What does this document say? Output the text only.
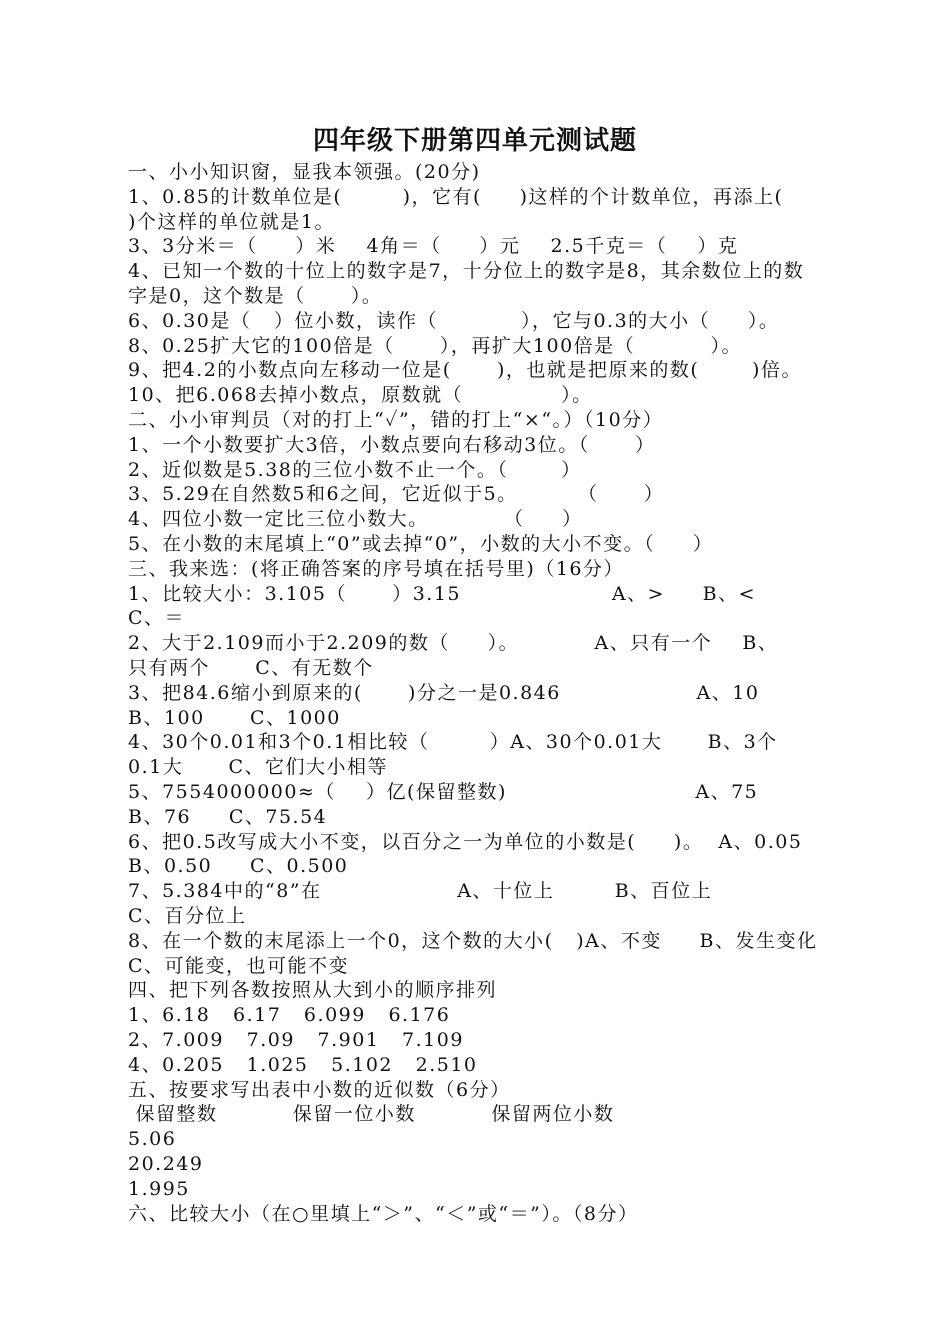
四年级下册第四单元测试题
一、小小知识窗，显我本领强。(20分)
1、0.85的计数单位是(        )，它有(     )这样的个计数单位，再添上(
)个这样的单位就是1。
3、3分米＝（     ）米    4角＝（     ）元    2.5千克＝（    ）克
4、已知一个数的十位上的数字是7，十分位上的数字是8，其余数位上的数
字是0，这个数是（      ）。
6、0.30是（   ）位小数，读作（           ），它与0.3的大小（     ）。
8、0.25扩大它的100倍是（      ），再扩大100倍是（          ）。
9、把4.2的小数点向左移动一位是(      )，也就是把原来的数(       )倍。
10、把6.068去掉小数点，原数就（             ）。
二、小小审判员（对的打上“✓”，错的打上“×“。）（10分）
1、一个小数要扩大3倍，小数点要向右移动3位。（      ）
2、近似数是5.38的三位小数不止一个。（       ）
3、5.29在自然数5和6之间，它近似于5。        （      ）
4、四位小数一定比三位小数大。          （     ）
5、在小数的末尾填上“0”或去掉“0”，小数的大小不变。（     ）
三、我来选：(将正确答案的序号填在括号里)（16分）
1、比较大小：3.105（      ）3.15                    A、>     B、<
C、＝
2、大于2.109而小于2.209的数（     ）。          A、只有一个    B、
只有两个      C、有无数个
3、把84.6缩小到原来的(      )分之一是0.846                  A、10
B、100      C、1000
4、30个0.01和3个0.1相比较（        ）A、30个0.01大      B、3个
0.1大      C、它们大小相等
5、7554000000≈（    ）亿(保留整数)                         A、75
B、76     C、75.54
6、把0.5改写成大小不变，以百分之一为单位的小数是(     )。  A、0.05
B、0.50     C、0.500
7、5.384中的“8”在                  A、十位上        B、百位上
C、百分位上
8、在一个数的末尾添上一个0，这个数的大小(   )A、不变     B、发生变化
C、可能变，也可能不变
四、把下列各数按照从大到小的顺序排列
1、6.18   6.17   6.099   6.176
2、7.009   7.09   7.901   7.109
4、0.205   1.025   5.102   2.510
五、按要求写出表中小数的近似数（6分）
保留整数          保留一位小数          保留两位小数
5.06
20.249
1.995
六、比较大小（在○里填上“＞”、“＜”或“＝”）。（8分）
